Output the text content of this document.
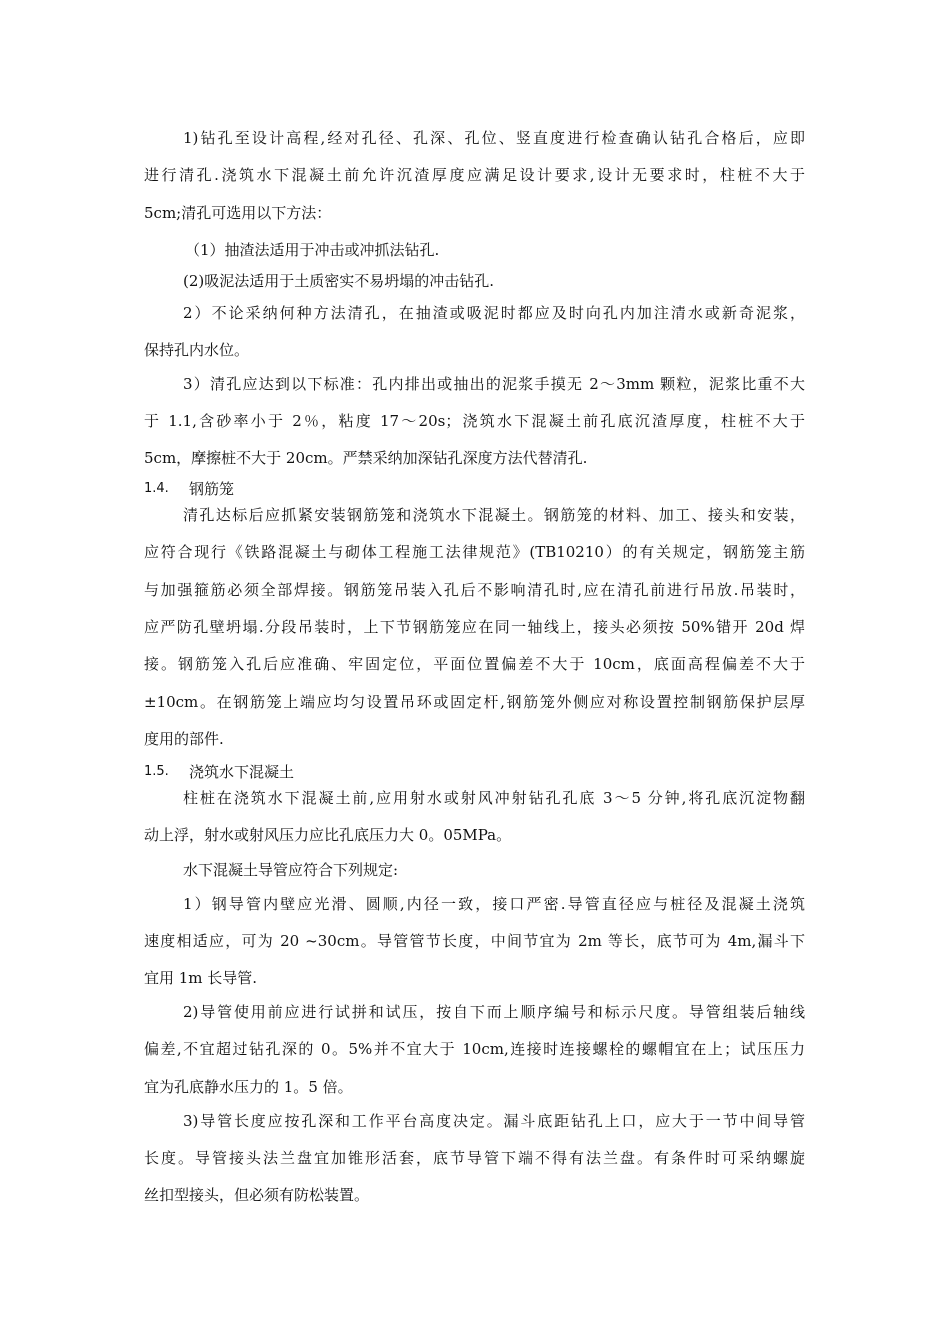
1)钻孔至设计高程,经对孔径、孔深、孔位、竖直度进行检查确认钻孔合格后，应即
进行清孔.浇筑水下混凝土前允许沉渣厚度应满足设计要求,设计无要求时，柱桩不大于
5cm;清孔可选用以下方法：
（1）抽渣法适用于冲击或冲抓法钻孔.
(2)吸泥法适用于土质密实不易坍塌的冲击钻孔.
2）不论采纳何种方法清孔，在抽渣或吸泥时都应及时向孔内加注清水或新奇泥浆，
保持孔内水位。
3）清孔应达到以下标准：孔内排出或抽出的泥浆手摸无 2～3mm 颗粒，泥浆比重不大
于 1.1,含砂率小于 2％，粘度 17～20s；浇筑水下混凝土前孔底沉渣厚度，柱桩不大于
5cm，摩擦桩不大于 20cm。严禁采纳加深钻孔深度方法代替清孔.
1.4. 钢筋笼
清孔达标后应抓紧安装钢筋笼和浇筑水下混凝土。钢筋笼的材料、加工、接头和安装，
应符合现行《铁路混凝土与砌体工程施工法律规范》(TB10210）的有关规定，钢筋笼主筋
与加强箍筋必须全部焊接。钢筋笼吊装入孔后不影响清孔时,应在清孔前进行吊放.吊装时，
应严防孔壁坍塌.分段吊装时，上下节钢筋笼应在同一轴线上，接头必须按 50%错开 20d 焊
接。钢筋笼入孔后应准确、牢固定位，平面位置偏差不大于 10cm，底面高程偏差不大于
±10cm。在钢筋笼上端应均匀设置吊环或固定杆,钢筋笼外侧应对称设置控制钢筋保护层厚
度用的部件.
1.5. 浇筑水下混凝土
柱桩在浇筑水下混凝土前,应用射水或射风冲射钻孔孔底 3～5 分钟,将孔底沉淀物翻
动上浮，射水或射风压力应比孔底压力大 0。05MPa。
水下混凝土导管应符合下列规定:
1）钢导管内壁应光滑、圆顺,内径一致，接口严密.导管直径应与桩径及混凝土浇筑
速度相适应，可为 20 ~30cm。导管管节长度，中间节宜为 2m 等长，底节可为 4m,漏斗下
宜用 1m 长导管.
2)导管使用前应进行试拼和试压，按自下而上顺序编号和标示尺度。导管组装后轴线
偏差,不宜超过钻孔深的 0。5%并不宜大于 10cm,连接时连接螺栓的螺帽宜在上；试压压力
宜为孔底静水压力的 1。5 倍。
3)导管长度应按孔深和工作平台高度决定。漏斗底距钻孔上口，应大于一节中间导管
长度。导管接头法兰盘宜加锥形活套，底节导管下端不得有法兰盘。有条件时可采纳螺旋
丝扣型接头，但必须有防松装置。
